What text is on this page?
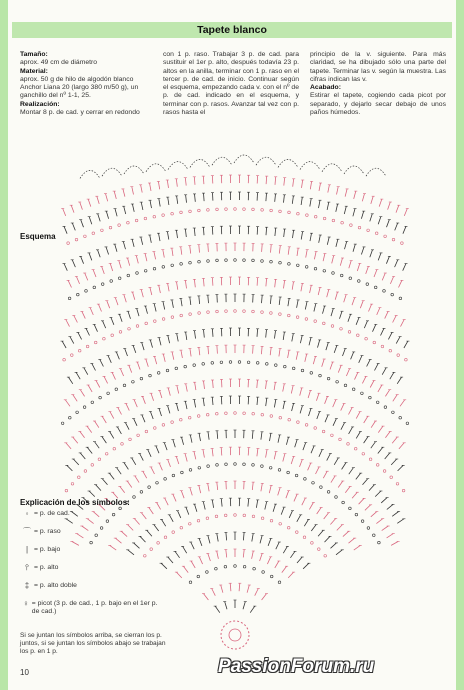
Tapete blanco

Tamaño:

aprox. 49 cm de diámetro

Material:

aprox. 50 g de hilo de algodón blanco Anchor Liana 20 (largo 380 m/50 g), un ganchillo del nº 1-1, 25.

Realización:

Montar 8 p. de cad. y cerrar en redondo

con 1 p. raso. Trabajar 3 p. de cad. para sustituir el 1er p. alto, después todavía 23 p. altos en la anilla, terminar con 1 p. raso en el tercer p. de cad. de inicio. Continuar según el esquema, empezando cada v. con el nº de p. de cad. indicado en el esquema, y terminar con p. rasos. Avanzar tal vez con p. rasos hasta el

principio de la v. siguiente. Para más claridad, se ha dibujado sólo una parte del tapete. Terminar las v. según la muestra. Las cifras indican las v.

Acabado:

Estirar el tapete, cogiendo cada picot por separado, y dejarlo secar debajo de unos paños húmedos.

Esquema
Explicación de los símbolos:
◦ = p. de cad.
⌒ = p. raso
| = p. bajo
⫯ = p. alto
‡ = p. alto doble
♀ = picot (3 p. de cad., 1 p. bajo en el 1er p. de cad.)
Si se juntan los símbolos arriba, se cierran los p. juntos, si se juntan los símbolos abajo se trabajan los p. en 1 p.
10	PassionForum.ru
